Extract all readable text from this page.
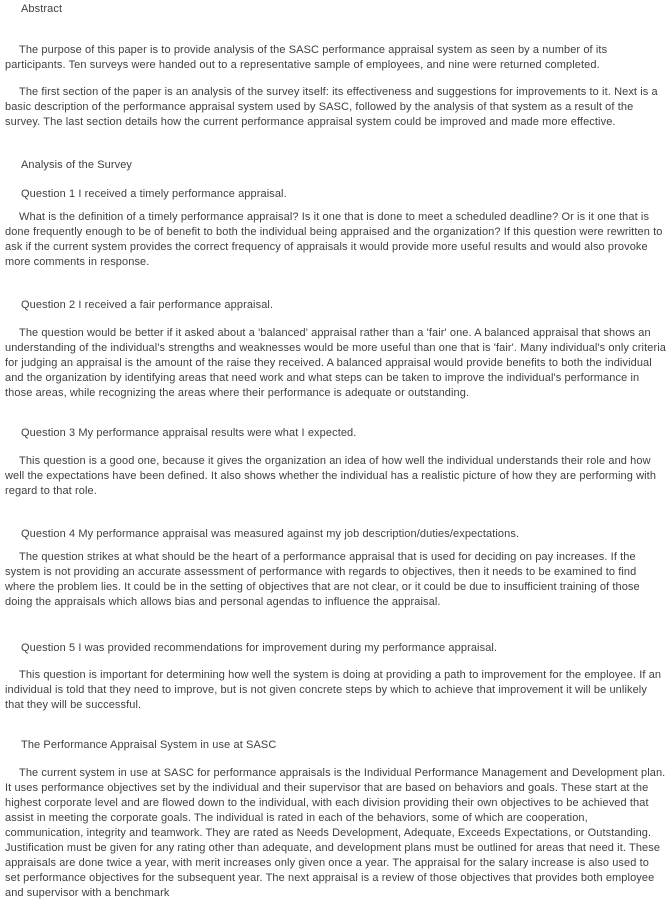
Abstract

The purpose of this paper is to provide analysis of the SASC performance appraisal system as seen by a number of its participants. Ten surveys were handed out to a representative sample of employees, and nine were returned completed.

The first section of the paper is an analysis of the survey itself: its effectiveness and suggestions for improvements to it. Next is a basic description of the performance appraisal system used by SASC, followed by the analysis of that system as a result of the survey. The last section details how the current performance appraisal system could be improved and made more effective.

Analysis of the Survey

Question 1 I received a timely performance appraisal.

What is the definition of a timely performance appraisal? Is it one that is done to meet a scheduled deadline? Or is it one that is done frequently enough to be of benefit to both the individual being appraised and the organization? If this question were rewritten to ask if the current system provides the correct frequency of appraisals it would provide more useful results and would also provoke more comments in response.

Question 2 I received a fair performance appraisal.

The question would be better if it asked about a 'balanced' appraisal rather than a 'fair' one. A balanced appraisal that shows an understanding of the individual's strengths and weaknesses would be more useful than one that is 'fair'. Many individual's only criteria for judging an appraisal is the amount of the raise they received. A balanced appraisal would provide benefits to both the individual and the organization by identifying areas that need work and what steps can be taken to improve the individual's performance in those areas, while recognizing the areas where their performance is adequate or outstanding.

Question 3 My performance appraisal results were what I expected.

This question is a good one, because it gives the organization an idea of how well the individual understands their role and how well the expectations have been defined. It also shows whether the individual has a realistic picture of how they are performing with regard to that role.

Question 4 My performance appraisal was measured against my job description/duties/expectations.

The question strikes at what should be the heart of a performance appraisal that is used for deciding on pay increases. If the system is not providing an accurate assessment of performance with regards to objectives, then it needs to be examined to find where the problem lies. It could be in the setting of objectives that are not clear, or it could be due to insufficient training of those doing the appraisals which allows bias and personal agendas to influence the appraisal.

Question 5 I was provided recommendations for improvement during my performance appraisal.

This question is important for determining how well the system is doing at providing a path to improvement for the employee. If an individual is told that they need to improve, but is not given concrete steps by which to achieve that improvement it will be unlikely that they will be successful.

The Performance Appraisal System in use at SASC

The current system in use at SASC for performance appraisals is the Individual Performance Management and Development plan. It uses performance objectives set by the individual and their supervisor that are based on behaviors and goals. These start at the highest corporate level and are flowed down to the individual, with each division providing their own objectives to be achieved that assist in meeting the corporate goals. The individual is rated in each of the behaviors, some of which are cooperation, communication, integrity and teamwork. They are rated as Needs Development, Adequate, Exceeds Expectations, or Outstanding. Justification must be given for any rating other than adequate, and development plans must be outlined for areas that need it. These appraisals are done twice a year, with merit increases only given once a year. The appraisal for the salary increase is also used to set performance objectives for the subsequent year. The next appraisal is a review of those objectives that provides both employee and supervisor with a benchmark
